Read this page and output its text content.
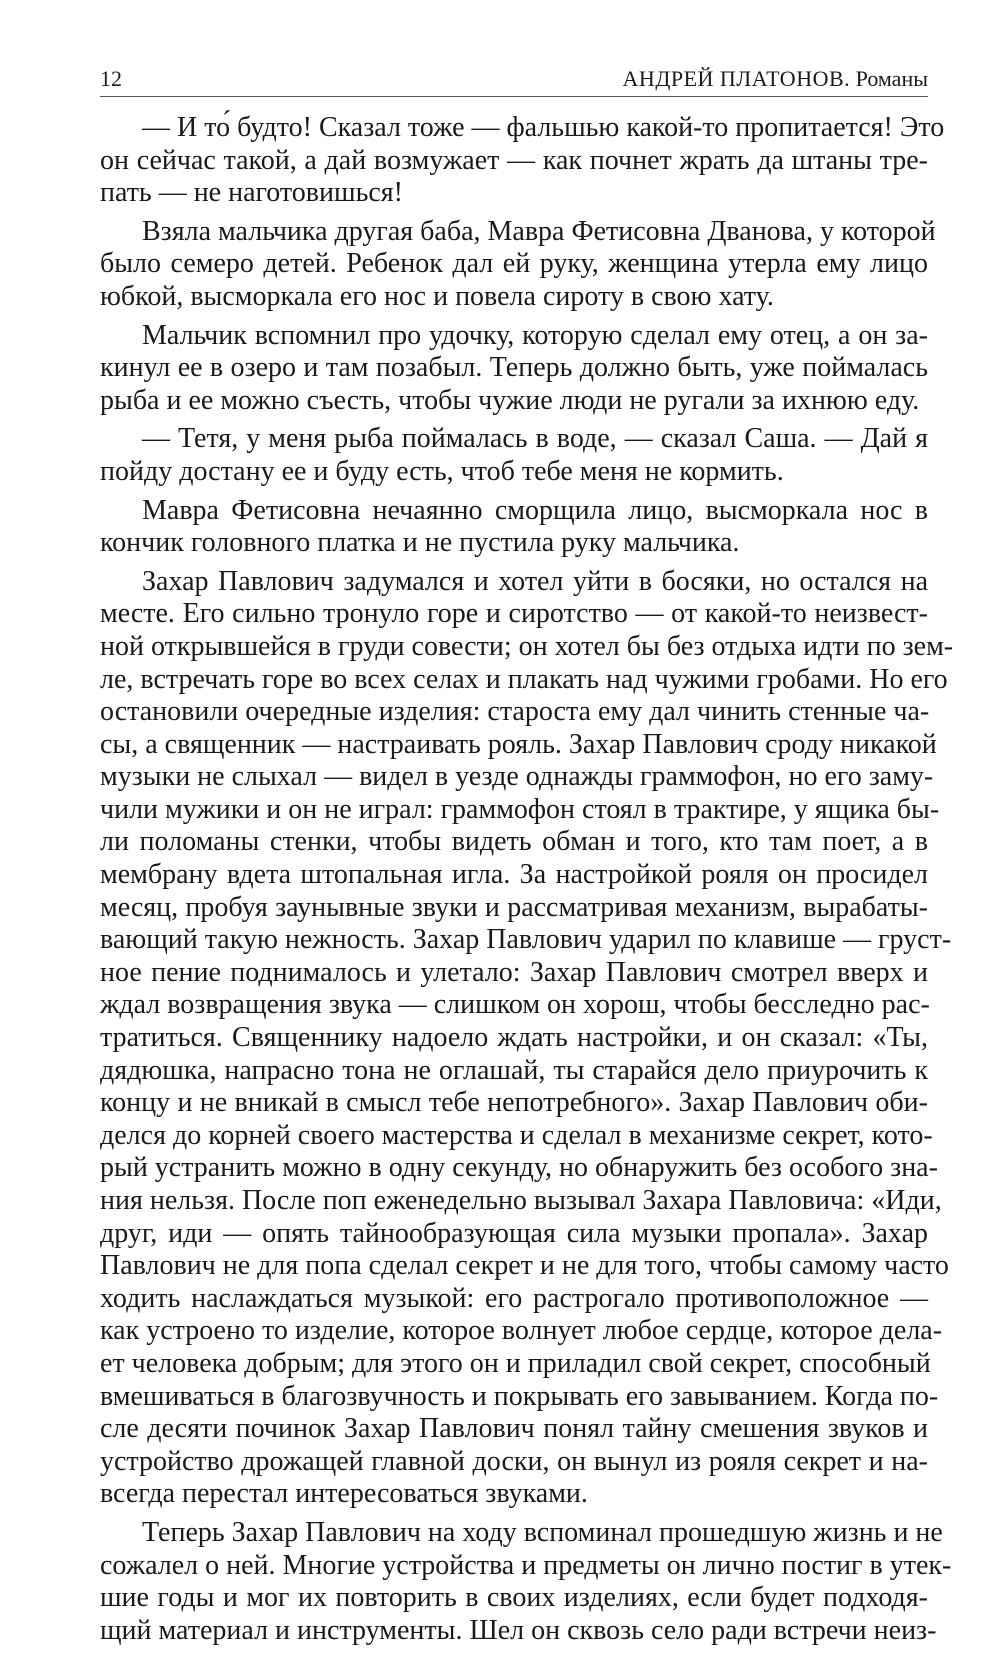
12	АНДРЕЙ ПЛАТОНОВ. Романы
— И то́ будто! Сказал тоже — фальшью какой-то пропитается! Это
он сейчас такой, а дай возмужает — как почнет жрать да штаны тре-
пать — не наготовишься!
Взяла мальчика другая баба, Мавра Фетисовна Дванова, у которой
было семеро детей. Ребенок дал ей руку, женщина утерла ему лицо
юбкой, высморкала его нос и повела сироту в свою хату.
Мальчик вспомнил про удочку, которую сделал ему отец, а он за-
кинул ее в озеро и там позабыл. Теперь должно быть, уже поймалась
рыба и ее можно съесть, чтобы чужие люди не ругали за ихнюю еду.
— Тетя, у меня рыба поймалась в воде, — сказал Саша. — Дай я
пойду достану ее и буду есть, чтоб тебе меня не кормить.
Мавра Фетисовна нечаянно сморщила лицо, высморкала нос в
кончик головного платка и не пустила руку мальчика.
Захар Павлович задумался и хотел уйти в босяки, но остался на
месте. Его сильно тронуло горе и сиротство — от какой-то неизвест-
ной открывшейся в груди совести; он хотел бы без отдыха идти по зем-
ле, встречать горе во всех селах и плакать над чужими гробами. Но его
остановили очередные изделия: староста ему дал чинить стенные ча-
сы, а священник — настраивать рояль. Захар Павлович сроду никакой
музыки не слыхал — видел в уезде однажды граммофон, но его заму-
чили мужики и он не играл: граммофон стоял в трактире, у ящика бы-
ли поломаны стенки, чтобы видеть обман и того, кто там поет, а в
мембрану вдета штопальная игла. За настройкой рояля он просидел
месяц, пробуя заунывные звуки и рассматривая механизм, вырабаты-
вающий такую нежность. Захар Павлович ударил по клавише — груст-
ное пение поднималось и улетало: Захар Павлович смотрел вверх и
ждал возвращения звука — слишком он хорош, чтобы бесследно рас-
тратиться. Священнику надоело ждать настройки, и он сказал: «Ты,
дядюшка, напрасно тона не оглашай, ты старайся дело приурочить к
концу и не вникай в смысл тебе непотребного». Захар Павлович оби-
делся до корней своего мастерства и сделал в механизме секрет, кото-
рый устранить можно в одну секунду, но обнаружить без особого зна-
ния нельзя. После поп еженедельно вызывал Захара Павловича: «Иди,
друг, иди — опять тайнообразующая сила музыки пропала». Захар
Павлович не для попа сделал секрет и не для того, чтобы самому часто
ходить наслаждаться музыкой: его растрогало противоположное —
как устроено то изделие, которое волнует любое сердце, которое дела-
ет человека добрым; для этого он и приладил свой секрет, способный
вмешиваться в благозвучность и покрывать его завыванием. Когда по-
сле десяти починок Захар Павлович понял тайну смешения звуков и
устройство дрожащей главной доски, он вынул из рояля секрет и на-
всегда перестал интересоваться звуками.
Теперь Захар Павлович на ходу вспоминал прошедшую жизнь и не
сожалел о ней. Многие устройства и предметы он лично постиг в утек-
шие годы и мог их повторить в своих изделиях, если будет подходя-
щий материал и инструменты. Шел он сквозь село ради встречи неиз-
